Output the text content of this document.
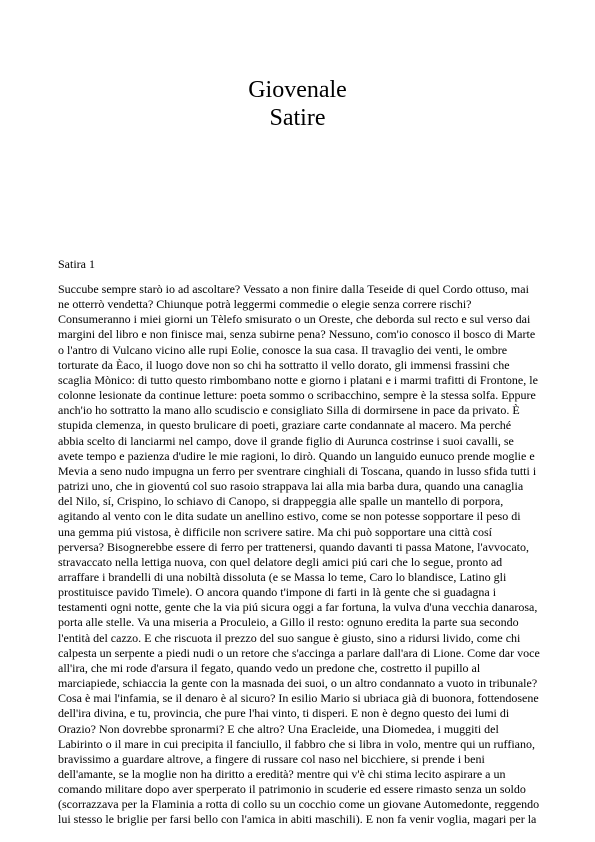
Giovenale
Satire
Satira 1
Succube sempre starò io ad ascoltare? Vessato a non finire dalla Teseide di quel Cordo ottuso, mai
ne otterrò vendetta? Chiunque potrà leggermi commedie o elegie senza correre rischi?
Consumeranno i miei giorni un Tèlefo smisurato o un Oreste, che deborda sul recto e sul verso dai
margini del libro e non finisce mai, senza subirne pena? Nessuno, com'io conosco il bosco di Marte
o l'antro di Vulcano vicino alle rupi Eolie, conosce la sua casa. Il travaglio dei venti, le ombre
torturate da Èaco, il luogo dove non so chi ha sottratto il vello dorato, gli immensi frassini che
scaglia Mònico: di tutto questo rimbombano notte e giorno i platani e i marmi trafitti di Frontone, le
colonne lesionate da continue letture: poeta sommo o scribacchino, sempre è la stessa solfa. Eppure
anch'io ho sottratto la mano allo scudiscio e consigliato Silla di dormirsene in pace da privato. È
stupida clemenza, in questo brulicare di poeti, graziare carte condannate al macero. Ma perché
abbia scelto di lanciarmi nel campo, dove il grande figlio di Aurunca costrinse i suoi cavalli, se
avete tempo e pazienza d'udire le mie ragioni, lo dirò. Quando un languido eunuco prende moglie e
Mevia a seno nudo impugna un ferro per sventrare cinghiali di Toscana, quando in lusso sfida tutti i
patrizi uno, che in gioventú col suo rasoio strappava lai alla mia barba dura, quando una canaglia
del Nilo, sí, Crispino, lo schiavo di Canopo, si drappeggia alle spalle un mantello di porpora,
agitando al vento con le dita sudate un anellino estivo, come se non potesse sopportare il peso di
una gemma piú vistosa, è difficile non scrivere satire. Ma chi può sopportare una città cosí
perversa? Bisognerebbe essere di ferro per trattenersi, quando davanti ti passa Matone, l'avvocato,
stravaccato nella lettiga nuova, con quel delatore degli amici piú cari che lo segue, pronto ad
arraffare i brandelli di una nobiltà dissoluta (e se Massa lo teme, Caro lo blandisce, Latino gli
prostituisce pavido Timele). O ancora quando t'impone di farti in là gente che si guadagna i
testamenti ogni notte, gente che la via piú sicura oggi a far fortuna, la vulva d'una vecchia danarosa,
porta alle stelle. Va una miseria a Proculeio, a Gillo il resto: ognuno eredita la parte sua secondo
l'entità del cazzo. E che riscuota il prezzo del suo sangue è giusto, sino a ridursi livido, come chi
calpesta un serpente a piedi nudi o un retore che s'accinga a parlare dall'ara di Lione. Come dar voce
all'ira, che mi rode d'arsura il fegato, quando vedo un predone che, costretto il pupillo al
marciapiede, schiaccia la gente con la masnada dei suoi, o un altro condannato a vuoto in tribunale?
Cosa è mai l'infamia, se il denaro è al sicuro? In esilio Mario si ubriaca già di buonora, fottendosene
dell'ira divina, e tu, provincia, che pure l'hai vinto, ti disperi. E non è degno questo dei lumi di
Orazio? Non dovrebbe spronarmi? E che altro? Una Eracleide, una Diomedea, i muggiti del
Labirinto o il mare in cui precipita il fanciullo, il fabbro che si libra in volo, mentre qui un ruffiano,
bravissimo a guardare altrove, a fingere di russare col naso nel bicchiere, si prende i beni
dell'amante, se la moglie non ha diritto a eredità? mentre qui v'è chi stima lecito aspirare a un
comando militare dopo aver sperperato il patrimonio in scuderie ed essere rimasto senza un soldo
(scorrazzava per la Flaminia a rotta di collo su un cocchio come un giovane Automedonte, reggendo
lui stesso le briglie per farsi bello con l'amica in abiti maschili). E non fa venir voglia, magari per la
